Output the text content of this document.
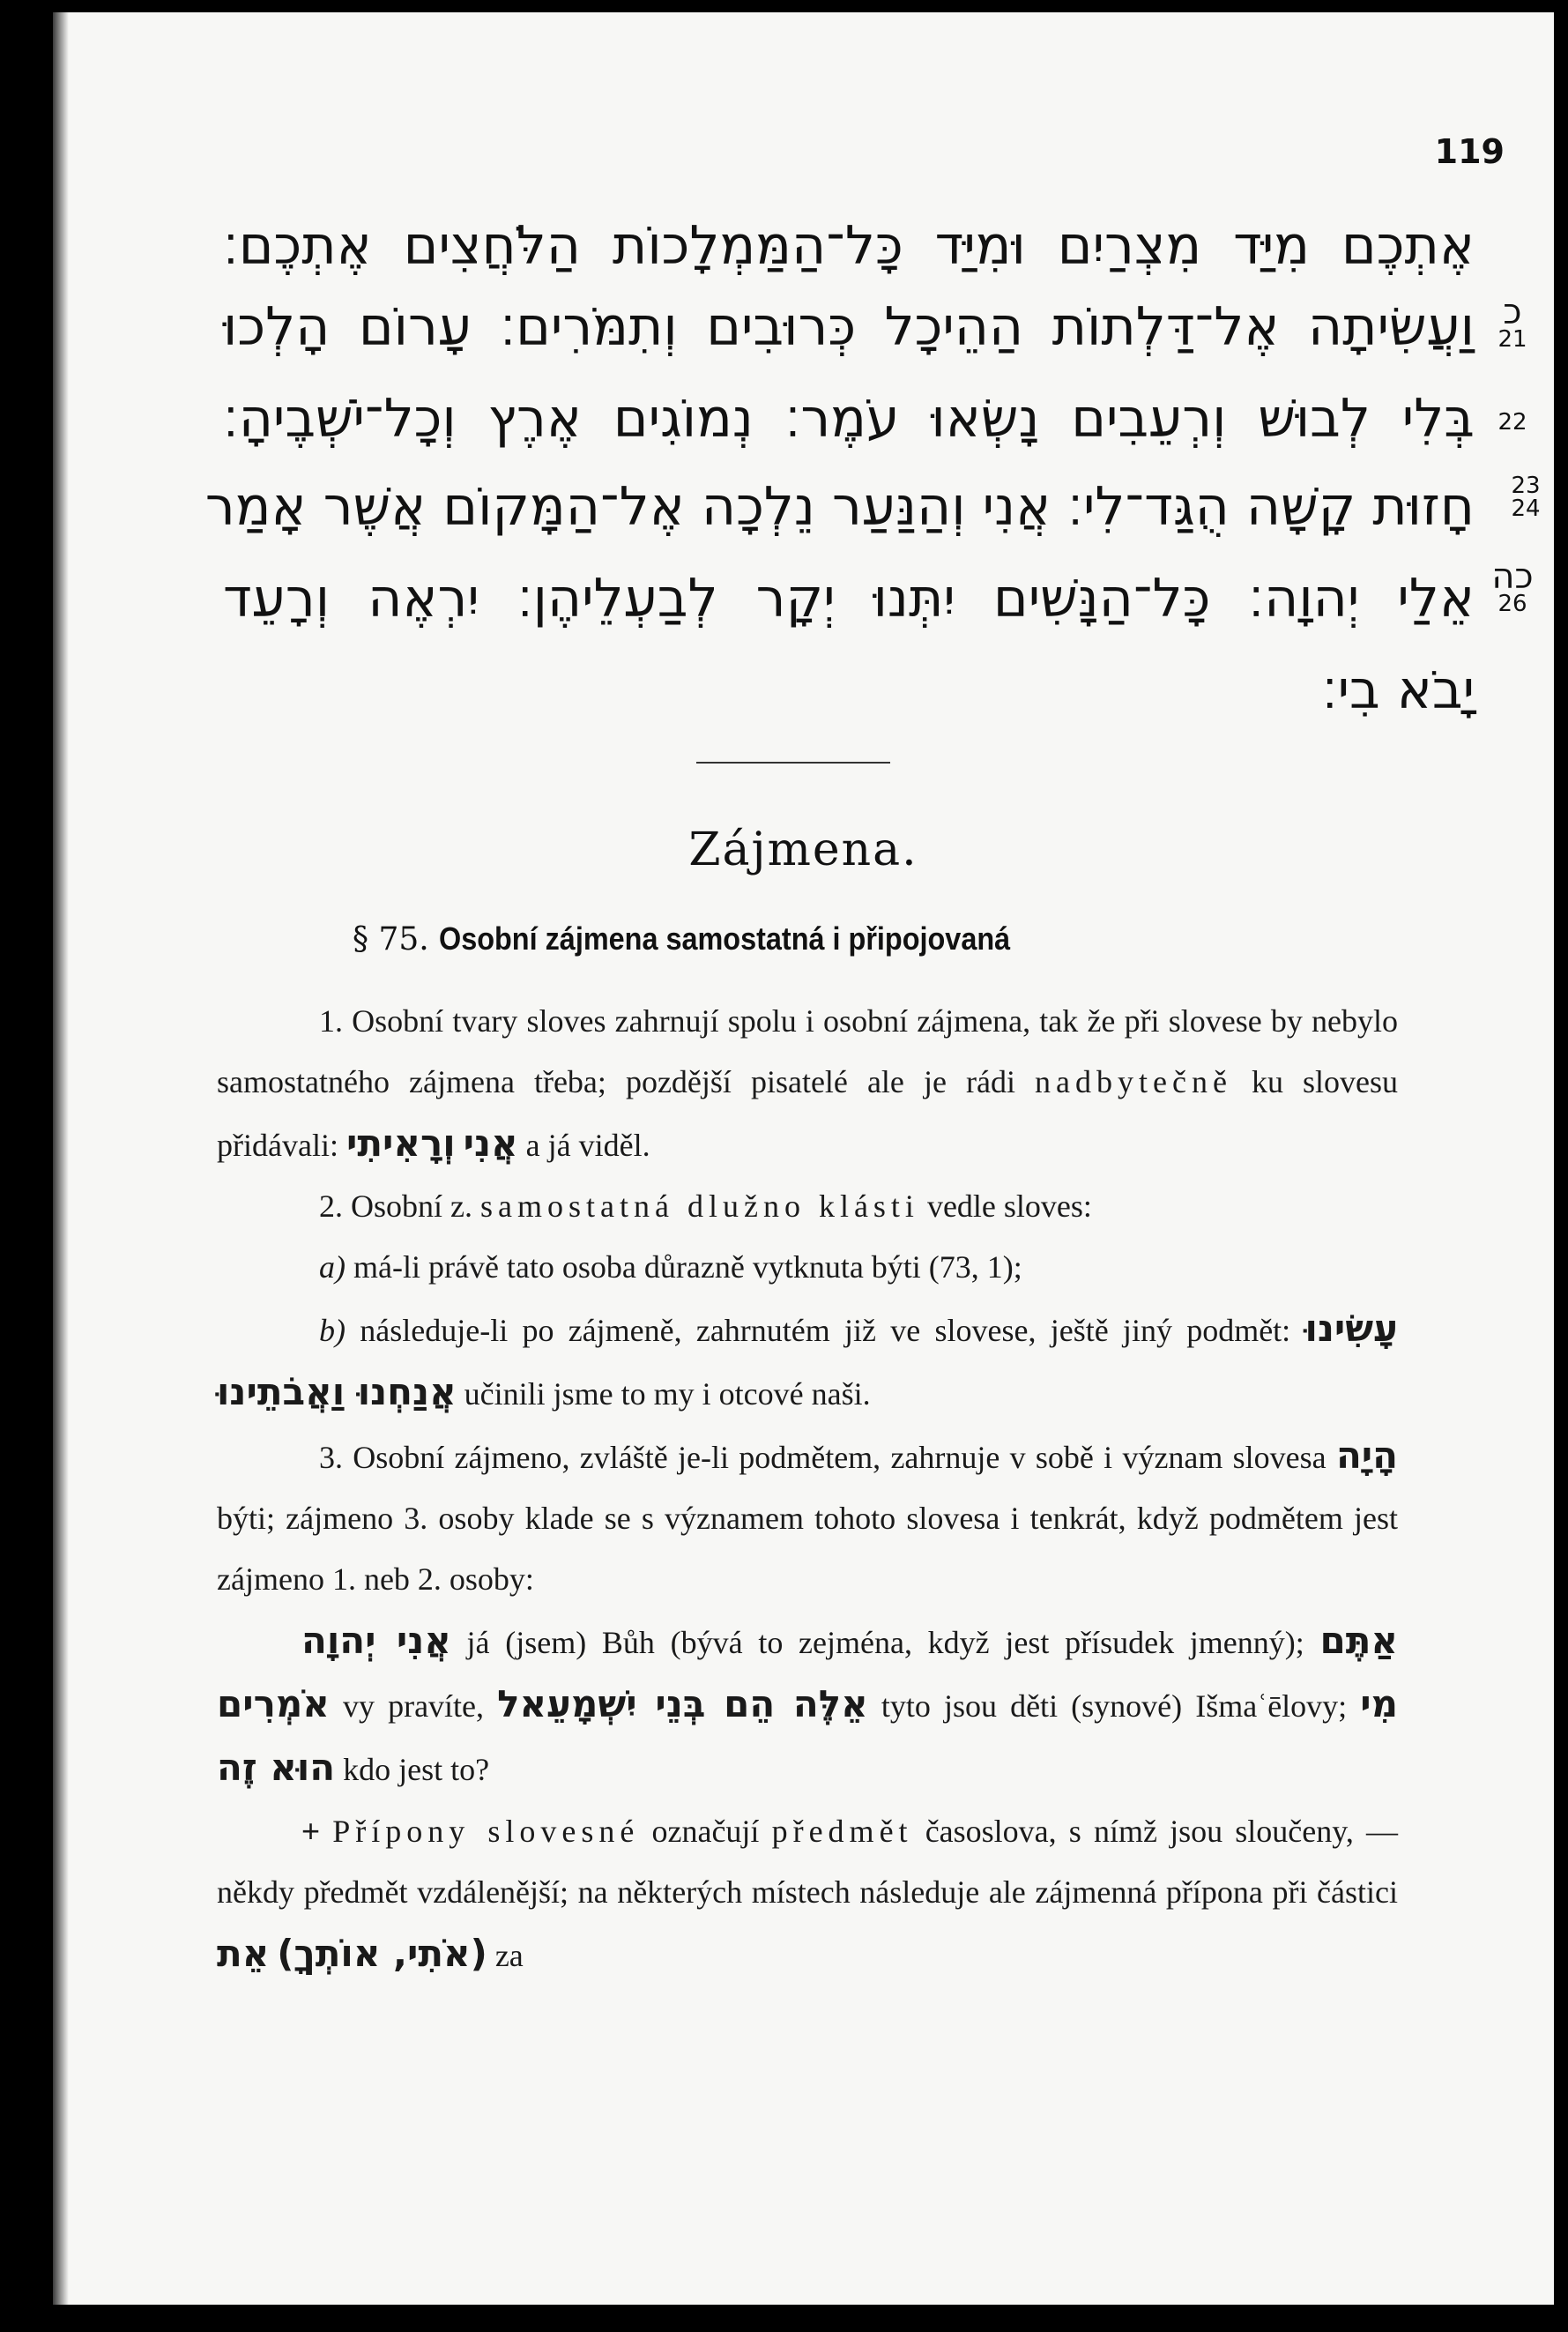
119
אֶתְכֶם מִיַּד מִצְרַיִם וּמִיַּד כָּל־הַמַּמְלָכוֹת הַלֹּחֲצִים אֶתְכֶם׃
וַעֲשִׂיתָה אֶל־דַּלְתוֹת הַהֵיכָל כְּרוּבִים וְתִמֹּרִים׃ עָרוֹם הָלְכוּ כ
21
בְּלִי לְבוּשׁ וְרְעֵבִים נָשְׂאוּ עֹמֶר׃ נְמוֹגִים אֶרֶץ וְכָל־יֹשְׁבֶיהָ׃	22
חָזוּת קָשָׁה הֻגַּד־לִי׃ אֲנִי וְהַנַּעַר נֵלְכָה אֶל־הַמָּקוֹם אֲשֶׁר אָמַר 23 24
אֵלַי יְהוָה׃ כָּל־הַנָּשִׁים יִתְּנוּ יְקָר לְבַעְלֵיהֶן׃ יִרְאֶה וְרָעֵד כה
26
יָבֹא בִי׃
Zájmena.
§ 75. Osobní zájmena samostatná i připojovaná

1. Osobní tvary sloves zahrnují spolu i osobní zájmena, tak že při slovese by nebylo samostatného zájmena třeba; pozdější pisatelé ale je rádi nadbytečně ku slovesu přidávali: וְרָאִיתִי אֲנִי a já viděl.

2. Osobní z. samostatná dlužno klásti vedle sloves:

a) má-li právě tato osoba důrazně vytknuta býti (73, 1);

b) následuje-li po zájmeně, zahrnutém již ve slovese, ještě jiný podmět: עָשִׂינוּ אֲנַחְנוּ וַאֲבֹתֵינוּ učinili jsme to my i otcové naši.

3. Osobní zájmeno, zvláště je-li podmětem, zahrnuje v sobě i význam slovesa הָיָה býti; zájmeno 3. osoby klade se s významem tohoto slovesa i tenkrát, když podmětem jest zájmeno 1. neb 2. osoby:

אֲנִי יְהוָה já (jsem) Bůh (bývá to zejména, když jest přísudek jmenný); אַתֶּם אֹמְרִים vy pravíte, אֵלֶּה הֵם בְּנֵי יִשְׁמָעֵאל tyto jsou děti (synové) Išmaʿēlovy; מִי הוּא זֶה kdo jest to?

+ Přípony slovesné označují předmět časoslova, s nímž jsou sloučeny, — někdy předmět vzdálenější; na některých místech následuje ale zájmenná přípona při částici אֵת (אֹתִי, אוֹתְךָ) za
